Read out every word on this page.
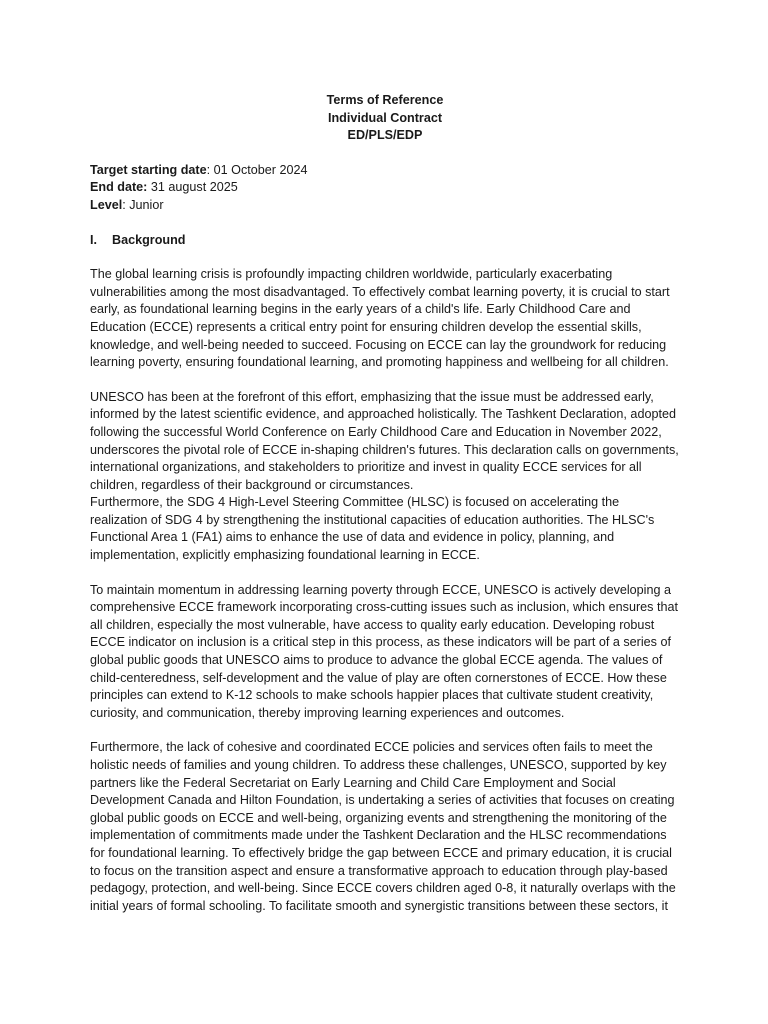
Terms of Reference
Individual Contract
ED/PLS/EDP
Target starting date: 01 October 2024
End date: 31 august 2025
Level: Junior
I.	Background

The global learning crisis is profoundly impacting children worldwide, particularly exacerbating vulnerabilities among the most disadvantaged. To effectively combat learning poverty, it is crucial to start early, as foundational learning begins in the early years of a child's life. Early Childhood Care and Education (ECCE) represents a critical entry point for ensuring children develop the essential skills, knowledge, and well-being needed to succeed. Focusing on ECCE can lay the groundwork for reducing learning poverty, ensuring foundational learning, and promoting happiness and wellbeing for all children.

UNESCO has been at the forefront of this effort, emphasizing that the issue must be addressed early, informed by the latest scientific evidence, and approached holistically. The Tashkent Declaration, adopted following the successful World Conference on Early Childhood Care and Education in November 2022, underscores the pivotal role of ECCE in-shaping children's futures. This declaration calls on governments, international organizations, and stakeholders to prioritize and invest in quality ECCE services for all children, regardless of their background or circumstances.

Furthermore, the SDG 4 High-Level Steering Committee (HLSC) is focused on accelerating the realization of SDG 4 by strengthening the institutional capacities of education authorities. The HLSC's Functional Area 1 (FA1) aims to enhance the use of data and evidence in policy, planning, and implementation, explicitly emphasizing foundational learning in ECCE.

To maintain momentum in addressing learning poverty through ECCE, UNESCO is actively developing a comprehensive ECCE framework incorporating cross-cutting issues such as inclusion, which ensures that all children, especially the most vulnerable, have access to quality early education. Developing robust ECCE indicator on inclusion is a critical step in this process, as these indicators will be part of a series of global public goods that UNESCO aims to produce to advance the global ECCE agenda. The values of child-centeredness, self-development and the value of play are often cornerstones of ECCE. How these principles can extend to K-12 schools to make schools happier places that cultivate student creativity, curiosity, and communication, thereby improving learning experiences and outcomes.

Furthermore, the lack of cohesive and coordinated ECCE policies and services often fails to meet the holistic needs of families and young children. To address these challenges, UNESCO, supported by key partners like the Federal Secretariat on Early Learning and Child Care Employment and Social Development Canada and Hilton Foundation, is undertaking a series of activities that focuses on creating global public goods on ECCE and well-being, organizing events and strengthening the monitoring of the implementation of commitments made under the Tashkent Declaration and the HLSC recommendations for foundational learning. To effectively bridge the gap between ECCE and primary education, it is crucial to focus on the transition aspect and ensure a transformative approach to education through play-based pedagogy, protection, and well-being. Since ECCE covers children aged 0-8, it naturally overlaps with the initial years of formal schooling. To facilitate smooth and synergistic transitions between these sectors, it
